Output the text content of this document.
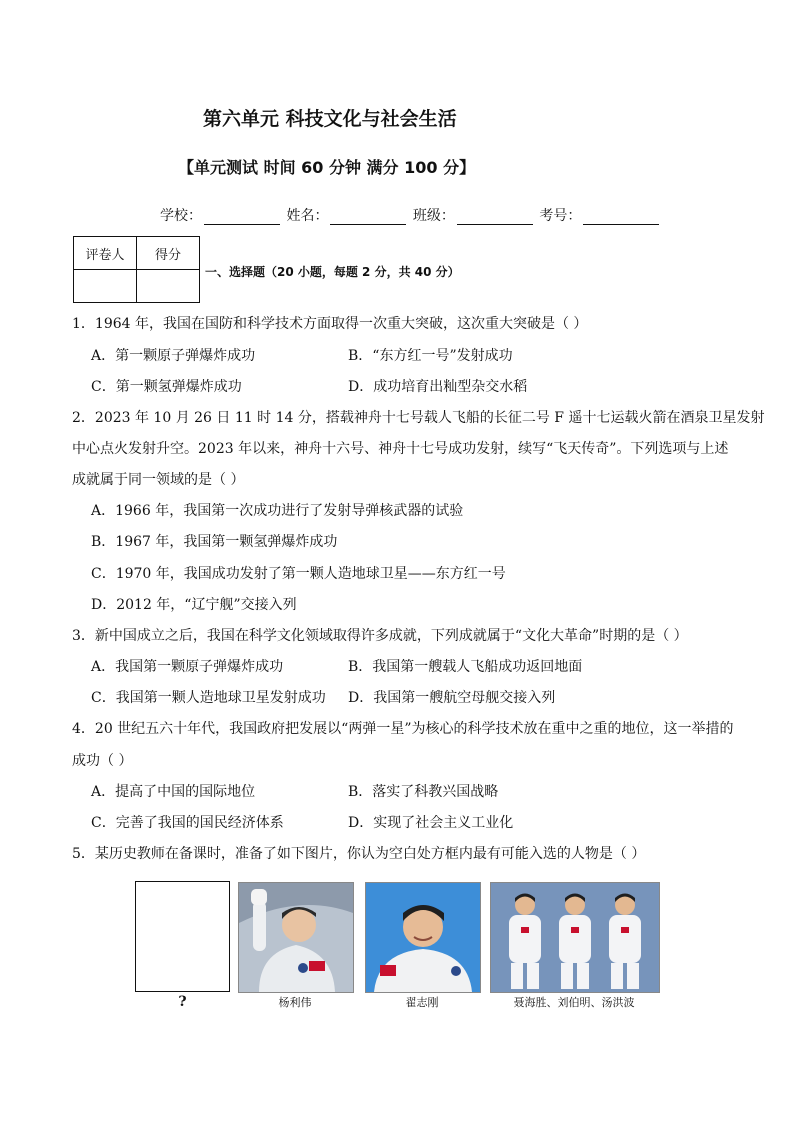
第六单元 科技文化与社会生活
【单元测试 时间 60 分钟 满分 100 分】
学校：	姓名：	班级：	考号：
评卷人	得分

一、选择题（20 小题，每题 2 分，共 40 分）
1．1964 年，我国在国防和科学技术方面取得一次重大突破，这次重大突破是（ ）
A．第一颗原子弹爆炸成功	B．“东方红一号”发射成功
C．第一颗氢弹爆炸成功	D．成功培育出籼型杂交水稻
2．2023 年 10 月 26 日 11 时 14 分，搭载神舟十七号载人飞船的长征二号 F 遥十七运载火箭在酒泉卫星发射
中心点火发射升空。2023 年以来，神舟十六号、神舟十七号成功发射，续写“飞天传奇”。下列选项与上述
成就属于同一领域的是（ ）
A．1966 年，我国第一次成功进行了发射导弹核武器的试验
B．1967 年，我国第一颗氢弹爆炸成功
C．1970 年，我国成功发射了第一颗人造地球卫星——东方红一号
D．2012 年，“辽宁舰”交接入列
3．新中国成立之后，我国在科学文化领域取得许多成就，下列成就属于“文化大革命”时期的是（ ）
A．我国第一颗原子弹爆炸成功	B．我国第一艘载人飞船成功返回地面
C．我国第一颗人造地球卫星发射成功 D．我国第一艘航空母舰交接入列
4．20 世纪五六十年代，我国政府把发展以“两弹一星”为核心的科学技术放在重中之重的地位，这一举措的
成功（ ）
A．提高了中国的国际地位	B．落实了科教兴国战略
C．完善了我国的国民经济体系	D．实现了社会主义工业化
5．某历史教师在备课时，准备了如下图片，你认为空白处方框内最有可能入选的人物是（ ）
?	杨利伟	翟志刚	聂海胜、刘伯明、汤洪波
